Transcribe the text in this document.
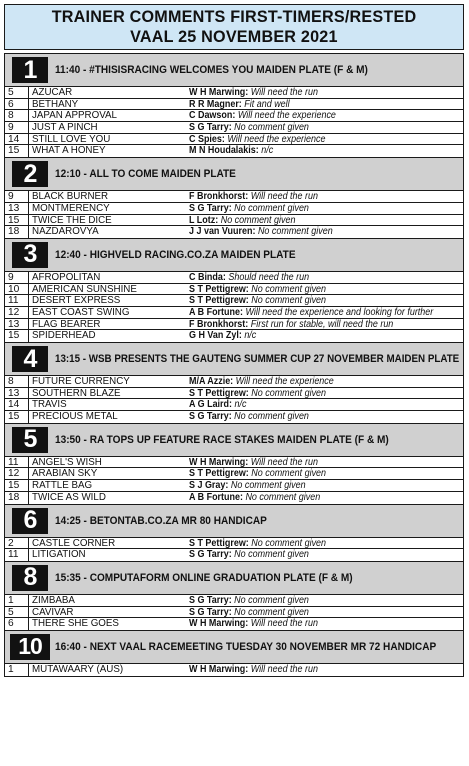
TRAINER COMMENTS FIRST-TIMERS/RESTED
VAAL 25 NOVEMBER 2021
1	11:40 - #THISISRACING WELCOMES YOU MAIDEN PLATE (F & M)
5	AZUCAR	W H Marwing: Will need the run
6	BETHANY	R R Magner: Fit and well
8	JAPAN APPROVAL	C Dawson: Will need the experience
9	JUST A PINCH	S G Tarry: No comment given
14	STILL LOVE YOU	C Spies: Will need the experience
15	WHAT A HONEY	M N Houdalakis: n/c
2	12:10 - ALL TO COME MAIDEN PLATE
9	BLACK BURNER	F Bronkhorst: Will need the run
13	MONTMERENCY	S G Tarry: No comment given
15	TWICE THE DICE	L Lotz: No comment given
18	NAZDAROVYA	J J van Vuuren: No comment given
3	12:40 - HIGHVELD RACING.CO.ZA MAIDEN PLATE
9	AFROPOLITAN	C Binda: Should need the run
10	AMERICAN SUNSHINE	S T Pettigrew: No comment given
11	DESERT EXPRESS	S T Pettigrew: No comment given
12	EAST COAST SWING	A B Fortune: Will need the experience and looking for further
13	FLAG BEARER	F Bronkhorst: First run for stable, will need the run
15	SPIDERHEAD	G H Van Zyl: n/c
4	13:15 - WSB PRESENTS THE GAUTENG SUMMER CUP 27 NOVEMBER MAIDEN PLATE
8	FUTURE CURRENCY	M/A Azzie: Will need the experience
13	SOUTHERN BLAZE	S T Pettigrew: No comment given
14	TRAVIS	A G Laird: n/c
15	PRECIOUS METAL	S G Tarry: No comment given
5	13:50 - RA TOPS UP FEATURE RACE STAKES MAIDEN PLATE (F & M)
11	ANGEL'S WISH	W H Marwing: Will need the run
12	ARABIAN SKY	S T Pettigrew: No comment given
15	RATTLE BAG	S J Gray: No comment given
18	TWICE AS WILD	A B Fortune: No comment given
6	14:25 - BETONTAB.CO.ZA MR 80 HANDICAP
2	CASTLE CORNER	S T Pettigrew: No comment given
11	LITIGATION	S G Tarry: No comment given
8	15:35 - COMPUTAFORM ONLINE GRADUATION PLATE (F & M)
1	ZIMBABA	S G Tarry: No comment given
5	CAVIVAR	S G Tarry: No comment given
6	THERE SHE GOES	W H Marwing: Will need the run
10	16:40 - NEXT VAAL RACEMEETING TUESDAY 30 NOVEMBER MR 72 HANDICAP
1	MUTAWAARY (AUS)	W H Marwing: Will need the run
